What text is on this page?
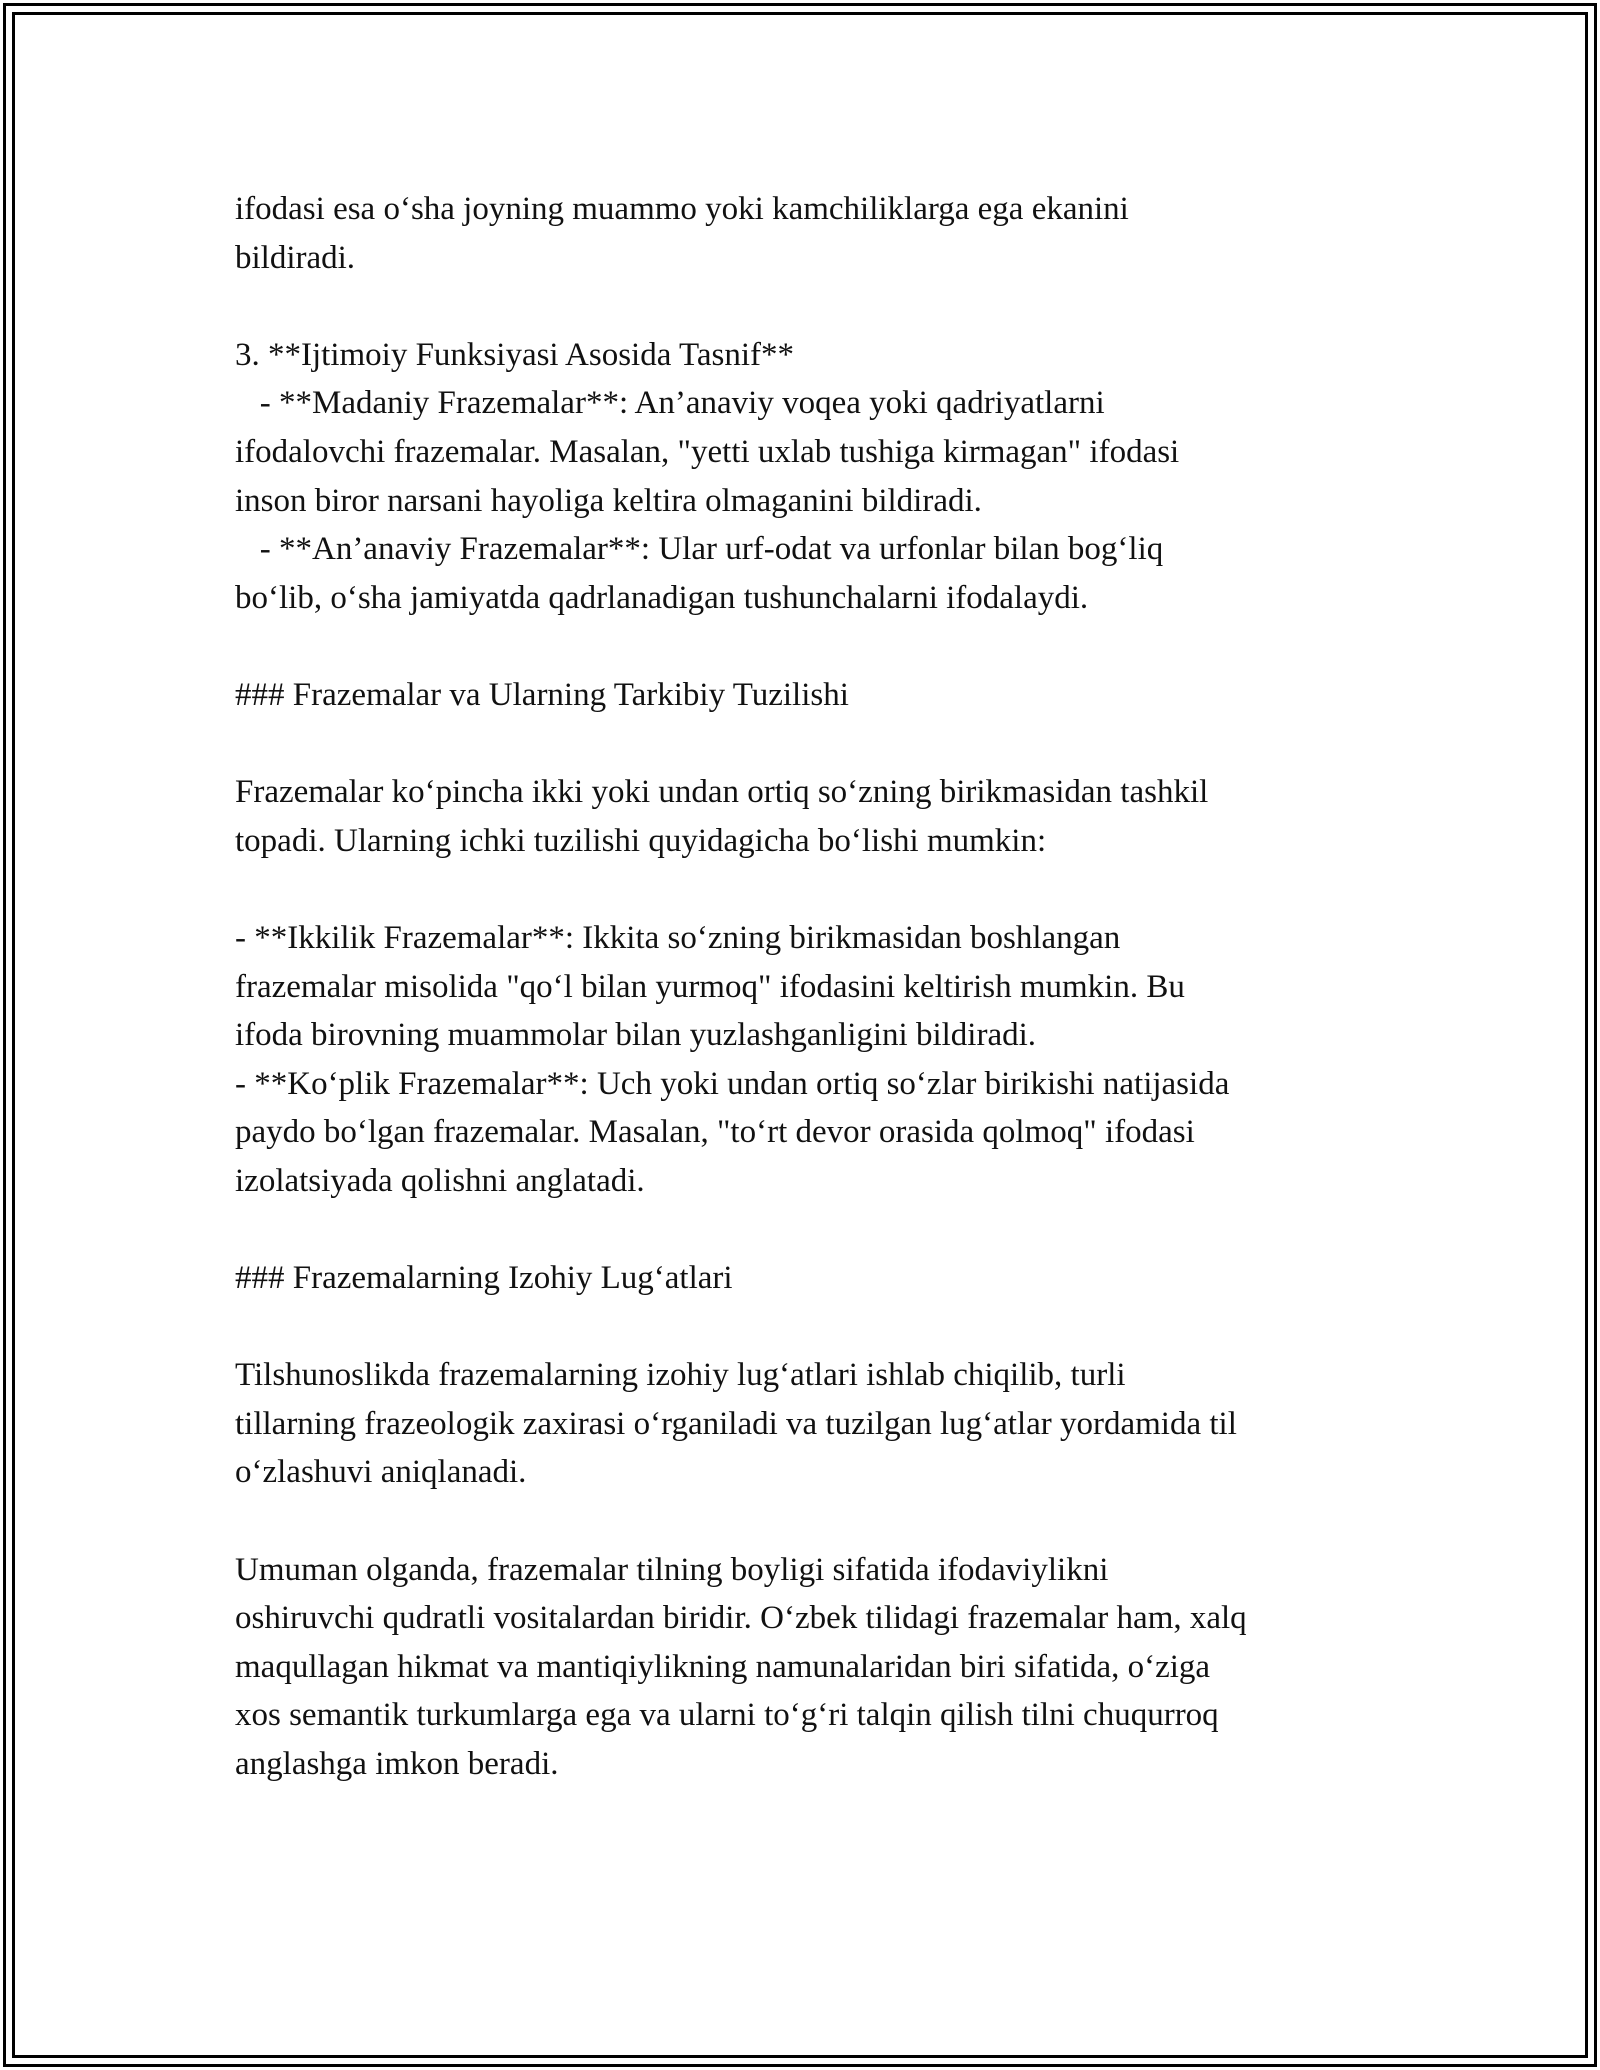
ifodasi esa o‘sha joyning muammo yoki kamchiliklarga ega ekanini
bildiradi.
3. **Ijtimoiy Funksiyasi Asosida Tasnif**
- **Madaniy Frazemalar**: An’anaviy voqea yoki qadriyatlarni
ifodalovchi frazemalar. Masalan, "yetti uxlab tushiga kirmagan" ifodasi
inson biror narsani hayoliga keltira olmaganini bildiradi.
- **An’anaviy Frazemalar**: Ular urf-odat va urfonlar bilan bog‘liq
bo‘lib, o‘sha jamiyatda qadrlanadigan tushunchalarni ifodalaydi.
### Frazemalar va Ularning Tarkibiy Tuzilishi
Frazemalar ko‘pincha ikki yoki undan ortiq so‘zning birikmasidan tashkil
topadi. Ularning ichki tuzilishi quyidagicha bo‘lishi mumkin:
- **Ikkilik Frazemalar**: Ikkita so‘zning birikmasidan boshlangan
frazemalar misolida "qo‘l bilan yurmoq" ifodasini keltirish mumkin. Bu
ifoda birovning muammolar bilan yuzlashganligini bildiradi.
- **Ko‘plik Frazemalar**: Uch yoki undan ortiq so‘zlar birikishi natijasida
paydo bo‘lgan frazemalar. Masalan, "to‘rt devor orasida qolmoq" ifodasi
izolatsiyada qolishni anglatadi.
### Frazemalarning Izohiy Lug‘atlari
Tilshunoslikda frazemalarning izohiy lug‘atlari ishlab chiqilib, turli
tillarning frazeologik zaxirasi o‘rganiladi va tuzilgan lug‘atlar yordamida til
o‘zlashuvi aniqlanadi.
Umuman olganda, frazemalar tilning boyligi sifatida ifodaviylikni
oshiruvchi qudratli vositalardan biridir. O‘zbek tilidagi frazemalar ham, xalq
maqullagan hikmat va mantiqiylikning namunalaridan biri sifatida, o‘ziga
xos semantik turkumlarga ega va ularni to‘g‘ri talqin qilish tilni chuqurroq
anglashga imkon beradi.
